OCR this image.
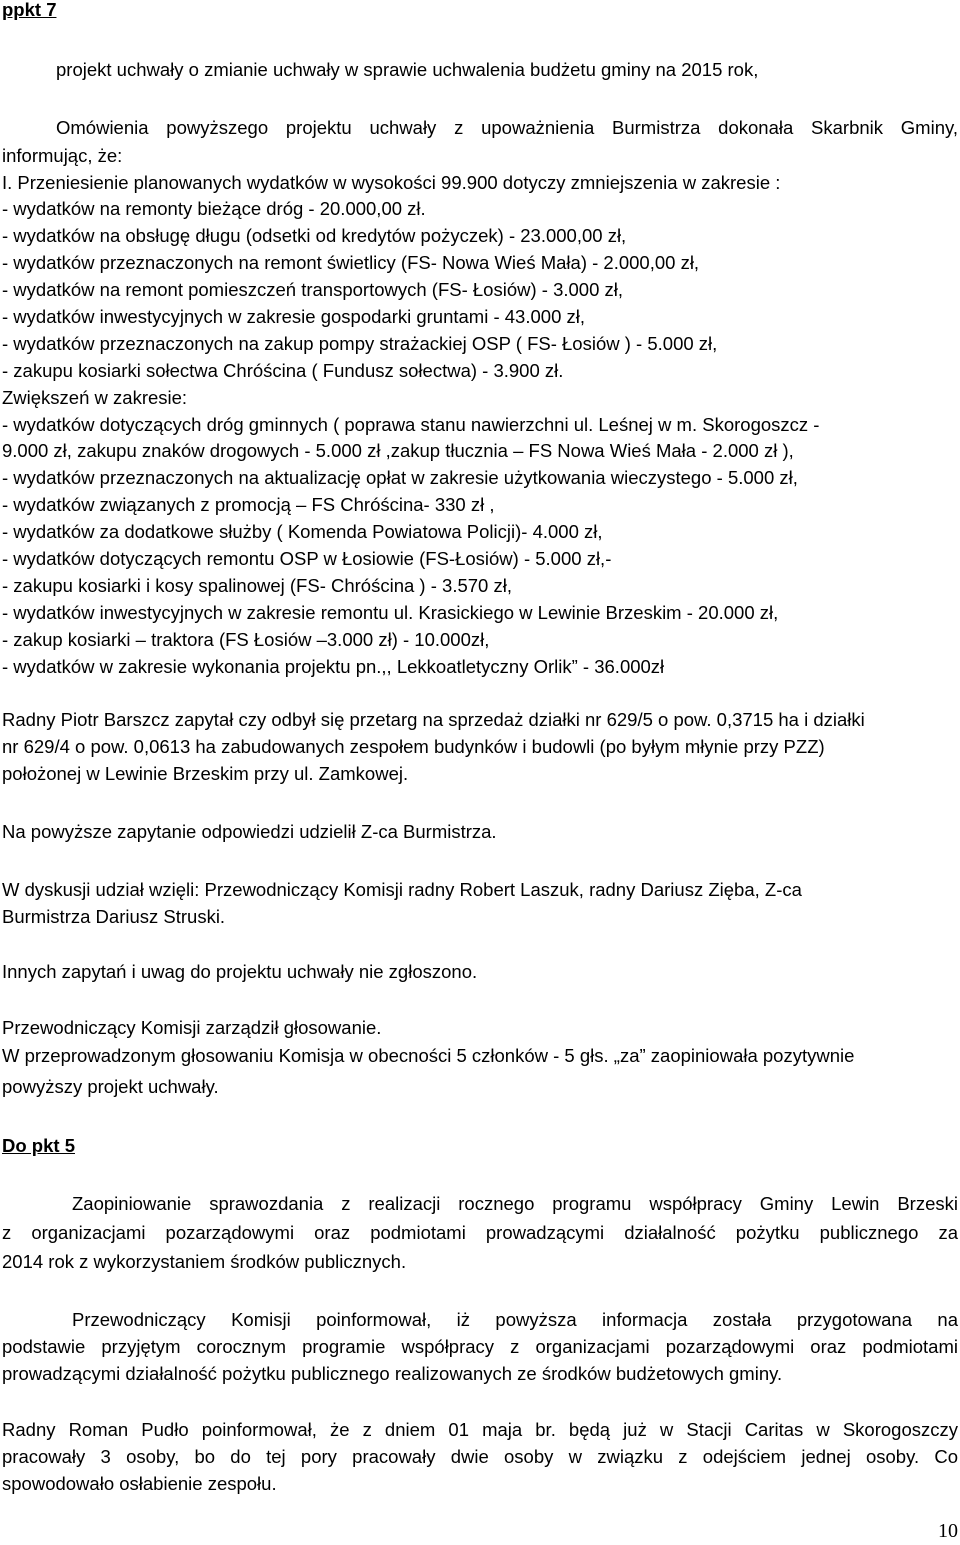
ppkt 7
projekt uchwały o zmianie uchwały w sprawie uchwalenia budżetu gminy na 2015 rok,
Omówienia powyższego projektu uchwały z upoważnienia Burmistrza dokonała Skarbnik Gminy,
informując, że:
I. Przeniesienie planowanych wydatków w wysokości 99.900 dotyczy zmniejszenia w zakresie :
- wydatków na remonty bieżące dróg - 20.000,00 zł.
- wydatków na obsługę długu (odsetki od kredytów pożyczek) - 23.000,00 zł,
- wydatków przeznaczonych na remont świetlicy (FS- Nowa Wieś Mała) - 2.000,00 zł,
- wydatków na remont pomieszczeń transportowych (FS- Łosiów) - 3.000 zł,
- wydatków inwestycyjnych w zakresie gospodarki gruntami - 43.000 zł,
- wydatków przeznaczonych na zakup pompy strażackiej OSP ( FS- Łosiów ) - 5.000 zł,
- zakupu kosiarki sołectwa Chróścina ( Fundusz sołectwa) - 3.900 zł.
Zwiększeń w zakresie:
- wydatków dotyczących dróg gminnych ( poprawa stanu nawierzchni ul. Leśnej w m. Skorogoszcz -
9.000 zł, zakupu znaków drogowych - 5.000 zł ,zakup tłucznia – FS Nowa Wieś Mała - 2.000 zł ),
- wydatków przeznaczonych na aktualizację opłat w zakresie użytkowania wieczystego - 5.000 zł,
- wydatków związanych z promocją – FS Chróścina- 330 zł ,
- wydatków za dodatkowe służby ( Komenda Powiatowa Policji)- 4.000 zł,
- wydatków dotyczących remontu OSP w Łosiowie (FS-Łosiów) - 5.000 zł,-
- zakupu kosiarki i kosy spalinowej (FS- Chróścina ) - 3.570 zł,
- wydatków inwestycyjnych w zakresie remontu ul. Krasickiego w Lewinie Brzeskim - 20.000 zł,
- zakup kosiarki – traktora (FS Łosiów –3.000 zł) - 10.000zł,
- wydatków w zakresie wykonania projektu pn.,, Lekkoatletyczny Orlik” - 36.000zł
Radny Piotr Barszcz zapytał czy odbył się przetarg na sprzedaż działki nr 629/5 o pow. 0,3715 ha i działki
nr 629/4 o pow. 0,0613 ha zabudowanych zespołem budynków i budowli (po byłym młynie przy PZZ)
położonej w Lewinie Brzeskim przy ul. Zamkowej.
Na powyższe zapytanie odpowiedzi udzielił Z-ca Burmistrza.
W dyskusji udział wzięli: Przewodniczący Komisji radny Robert Laszuk, radny Dariusz Zięba, Z-ca
Burmistrza Dariusz Struski.
Innych zapytań i uwag do projektu uchwały nie zgłoszono.
Przewodniczący Komisji zarządził głosowanie.
W przeprowadzonym głosowaniu Komisja w obecności 5 członków - 5 głs. „za” zaopiniowała pozytywnie
powyższy projekt uchwały.
Do pkt 5
Zaopiniowanie sprawozdania z realizacji rocznego programu współpracy Gminy Lewin Brzeski
z organizacjami pozarządowymi oraz podmiotami prowadzącymi działalność pożytku publicznego za
2014 rok z wykorzystaniem środków publicznych.
Przewodniczący Komisji poinformował, iż powyższa informacja została przygotowana na
podstawie przyjętym corocznym programie współpracy z organizacjami pozarządowymi oraz podmiotami
prowadzącymi działalność pożytku publicznego realizowanych ze środków budżetowych gminy.
Radny Roman Pudło poinformował, że z dniem 01 maja br. będą już w Stacji Caritas w Skorogoszczy
pracowały 3 osoby, bo do tej pory pracowały dwie osoby w związku z odejściem jednej osoby. Co
spowodowało osłabienie zespołu.
10
